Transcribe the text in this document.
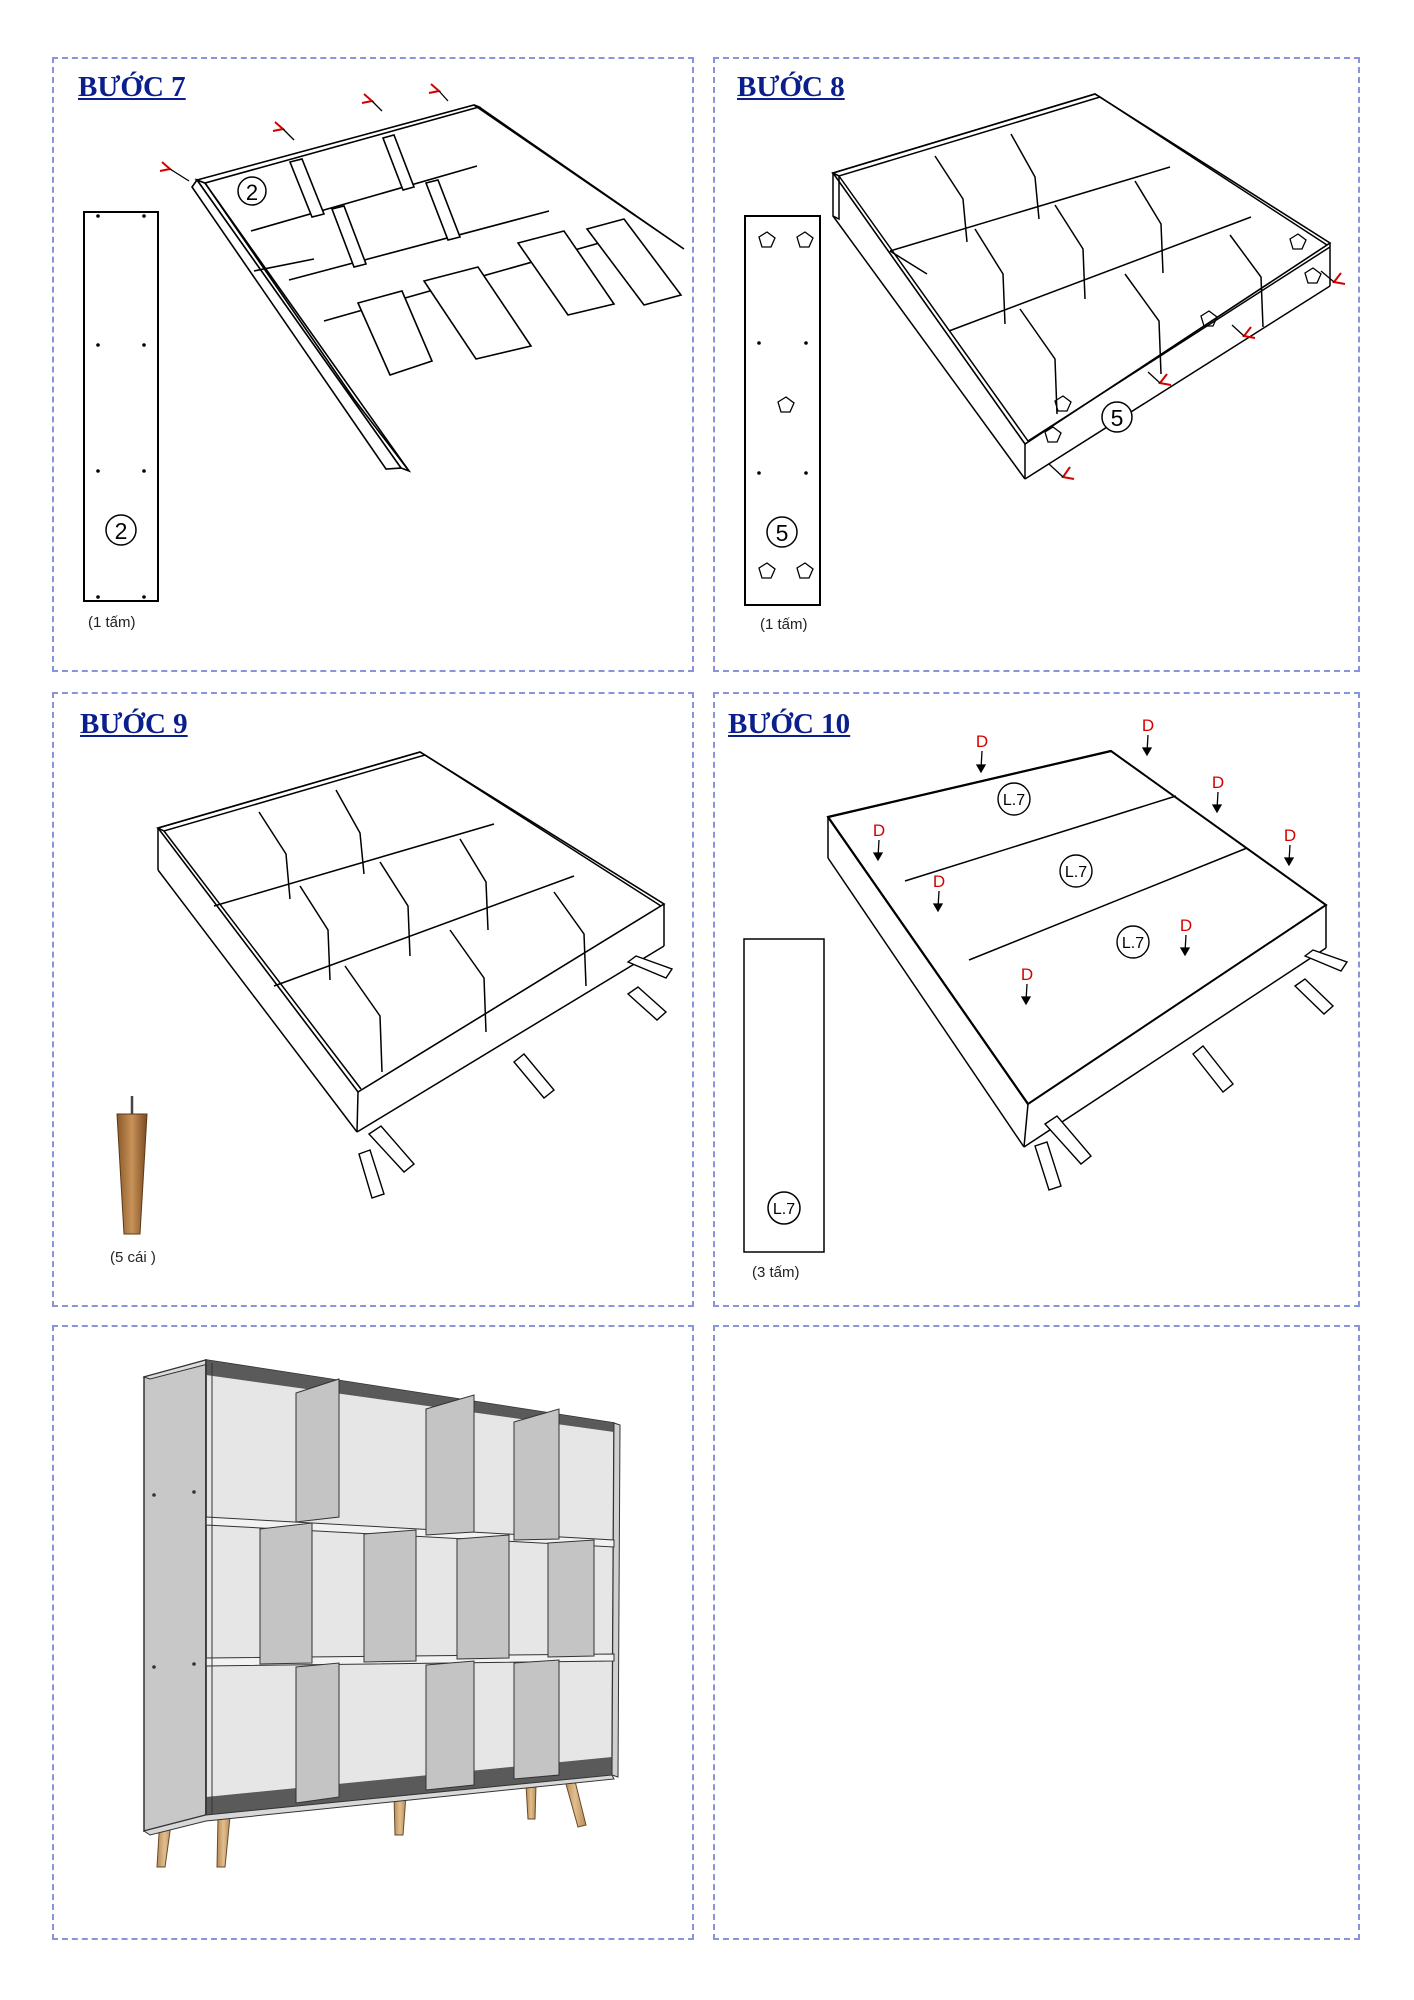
BƯỚC 7
2
2
(1 tấm)
BƯỚC 8
5
5
(1 tấm)
BƯỚC 9
(5 cái )
BƯỚC 10
L.7
L.7
L.7
L.7
D
D
D
D
D
D
D
D
(3 tấm)
